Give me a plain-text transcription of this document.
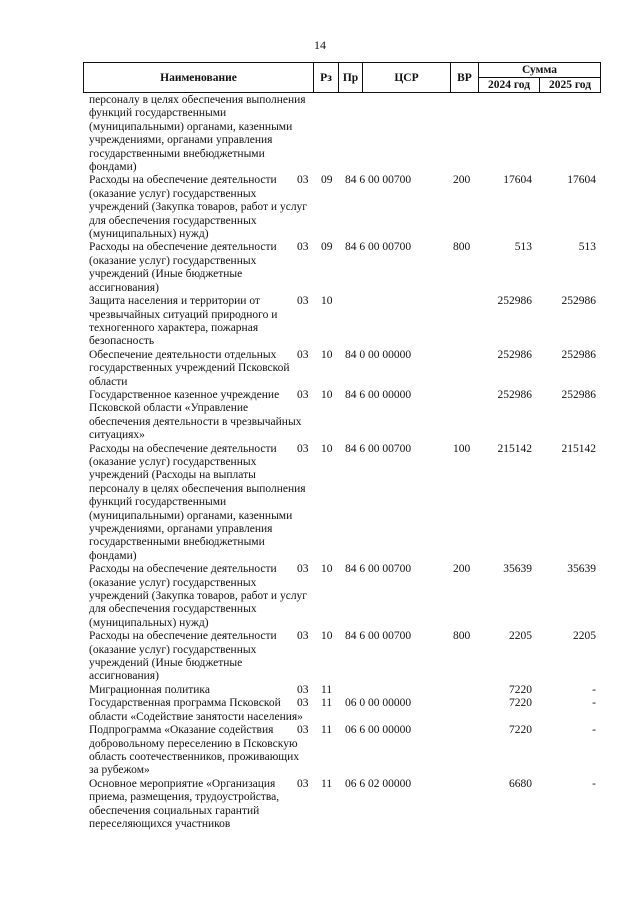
14
Наименование	Рз Пр	ЦСР	ВР
Сумма
2024 год	2025 год
персоналу в целях обеспечения выполнения
функций государственными
(муниципальными) органами, казенными
учреждениями, органами управления
государственными внебюджетными
фондами)
Расходы на обеспечение деятельности
(оказание услуг) государственных
учреждений (Закупка товаров, работ и услуг
для обеспечения государственных
(муниципальных) нужд)
03 09 84 6 00 00700	200	17604	17604
Расходы на обеспечение деятельности
(оказание услуг) государственных
учреждений (Иные бюджетные
ассигнования)
03 09 84 6 00 00700	800	513	513
Защита населения и территории от
чрезвычайных ситуаций природного и
техногенного характера, пожарная
безопасность
03 10	252986	252986
Обеспечение деятельности отдельных
государственных учреждений Псковской
области
03 10 84 0 00 00000	252986	252986
Государственное казенное учреждение
Псковской области «Управление
обеспечения деятельности в чрезвычайных
ситуациях»
03 10 84 6 00 00000	252986	252986
Расходы на обеспечение деятельности
(оказание услуг) государственных
учреждений (Расходы на выплаты
персоналу в целях обеспечения выполнения
функций государственными
(муниципальными) органами, казенными
учреждениями, органами управления
государственными внебюджетными
фондами)
03 10 84 6 00 00700	100	215142	215142
Расходы на обеспечение деятельности
(оказание услуг) государственных
учреждений (Закупка товаров, работ и услуг
для обеспечения государственных
(муниципальных) нужд)
03 10 84 6 00 00700	200	35639	35639
Расходы на обеспечение деятельности
(оказание услуг) государственных
учреждений (Иные бюджетные
ассигнования)
03 10 84 6 00 00700	800	2205	2205
Миграционная политика	03 11	7220	-
Государственная программа Псковской
области «Содействие занятости населения»
03 11 06 0 00 00000	7220	-
Подпрограмма «Оказание содействия
добровольному переселению в Псковскую
область соотечественников, проживающих
за рубежом»
03 11 06 6 00 00000	7220	-
Основное мероприятие «Организация
приема, размещения, трудоустройства,
обеспечения социальных гарантий
переселяющихся участников
03 11 06 6 02 00000	6680	-
